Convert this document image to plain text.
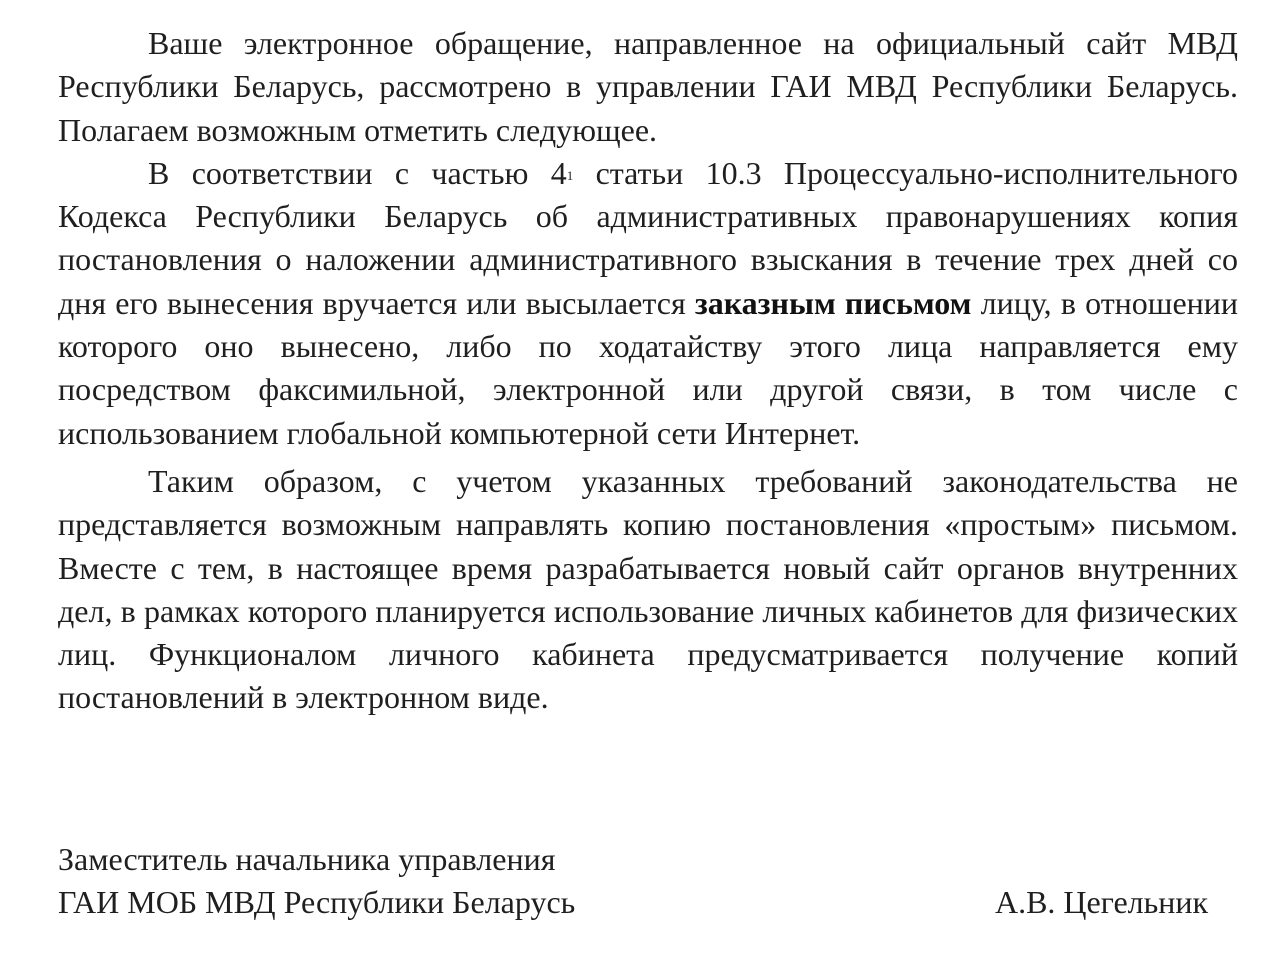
Ваше электронное обращение, направленное на официальный сайт МВД Республики Беларусь, рассмотрено в управлении ГАИ МВД Республики Беларусь. Полагаем возможным отметить следующее.

В соответствии с частью $4^1$ статьи 10.3 Процессуально-исполнительного Кодекса Республики Беларусь об административных правонарушениях копия постановления о наложении административного взыскания в течение трех дней со дня его вынесения вручается или высылается заказным письмом лицу, в отношении которого оно вынесено, либо по ходатайству этого лица направляется ему посредством факсимильной, электронной или другой связи, в том числе с использованием глобальной компьютерной сети Интернет.

Таким образом, с учетом указанных требований законодательства не представляется возможным направлять копию постановления «простым» письмом. Вместе с тем, в настоящее время разрабатывается новый сайт органов внутренних дел, в рамках которого планируется использование личных кабинетов для физических лиц. Функционалом личного кабинета предусматривается получение копий постановлений в электронном виде.

Заместитель начальника управления
ГАИ МОБ МВД Республики Беларусь	А.В. Цегельник
